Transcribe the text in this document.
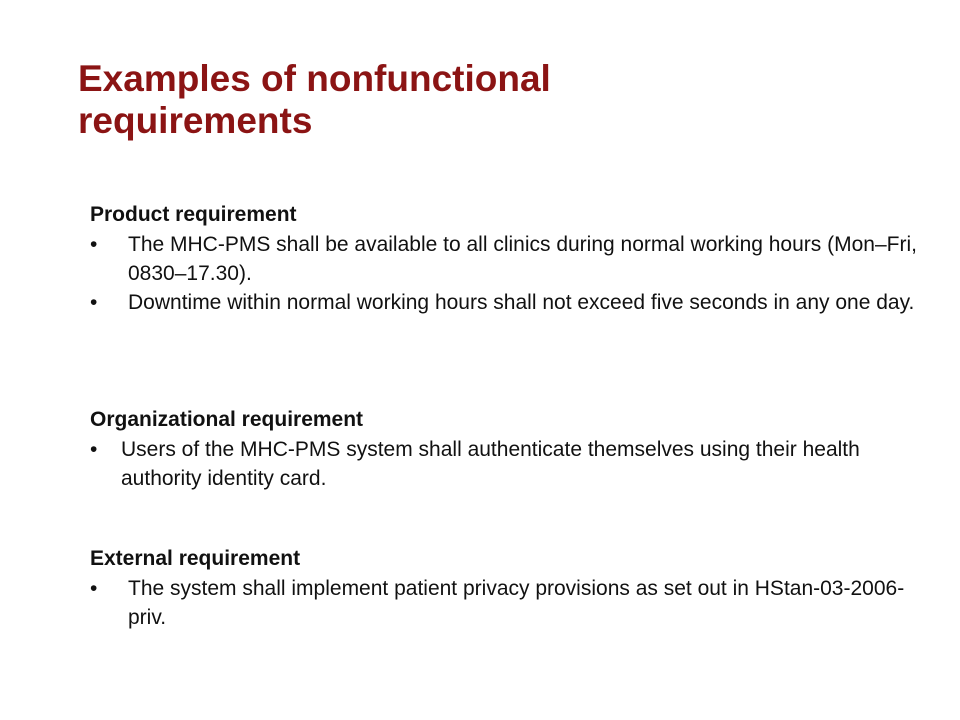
Examples of nonfunctional
requirements

Product requirement

• The MHC-PMS shall be available to all clinics during normal working hours (Mon–Fri, 0830–17.30).
• Downtime within normal working hours shall not exceed five seconds in any one day.

Organizational requirement

• Users of the MHC-PMS system shall authenticate themselves using their health authority identity card.

External requirement

• The system shall implement patient privacy provisions as set out in HStan-03-2006-priv.
